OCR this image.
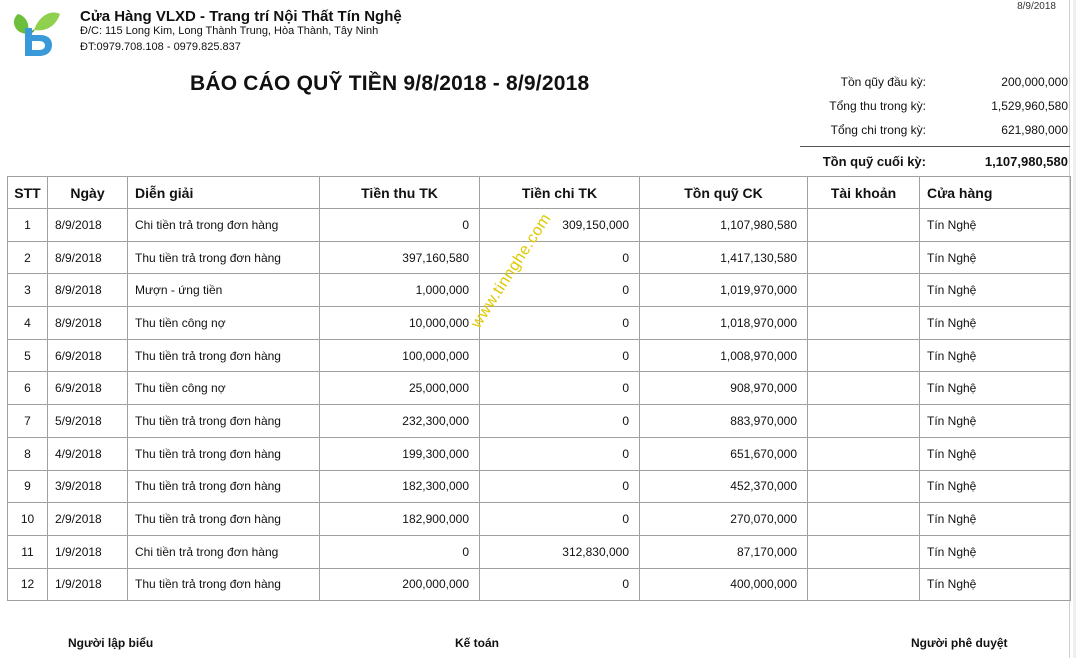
Cửa Hàng VLXD - Trang trí Nội Thất Tín Nghệ
Đ/C: 115 Long Kim, Long Thành Trung, Hòa Thành, Tây Ninh
ĐT:0979.708.108 - 0979.825.837
8/9/2018
BÁO CÁO QUỸ TIỀN 9/8/2018 - 8/9/2018	Tồn qũy đầu kỳ:	200,000,000
Tổng thu trong kỳ:	1,529,960,580
Tổng chi trong kỳ:	621,980,000
Tồn quỹ cuối kỳ:	1,107,980,580
STT	Ngày	Diễn giải	Tiền thu TK	Tiền chi TK	Tồn quỹ CK	Tài khoản	Cửa hàng
1	8/9/2018	Chi tiền trả trong đơn hàng	0	309,150,000	1,107,980,580		Tín Nghệ
2	8/9/2018	Thu tiền trả trong đơn hàng	397,160,580	0	1,417,130,580		Tín Nghệ
3	8/9/2018	Mượn - ứng tiền	1,000,000	0	1,019,970,000		Tín Nghệ
4	8/9/2018	Thu tiền công nợ	10,000,000	0	1,018,970,000		Tín Nghệ
5	6/9/2018	Thu tiền trả trong đơn hàng	100,000,000	0	1,008,970,000		Tín Nghệ
6	6/9/2018	Thu tiền công nợ	25,000,000	0	908,970,000		Tín Nghệ
7	5/9/2018	Thu tiền trả trong đơn hàng	232,300,000	0	883,970,000		Tín Nghệ
8	4/9/2018	Thu tiền trả trong đơn hàng	199,300,000	0	651,670,000		Tín Nghệ
9	3/9/2018	Thu tiền trả trong đơn hàng	182,300,000	0	452,370,000		Tín Nghệ
10	2/9/2018	Thu tiền trả trong đơn hàng	182,900,000	0	270,070,000		Tín Nghệ
11	1/9/2018	Chi tiền trả trong đơn hàng	0	312,830,000	87,170,000		Tín Nghệ
12	1/9/2018	Thu tiền trả trong đơn hàng	200,000,000	0	400,000,000		Tín Nghệ
www.tinnghe.com
Người lập biểu	Kế toán	Người phê duyệt
